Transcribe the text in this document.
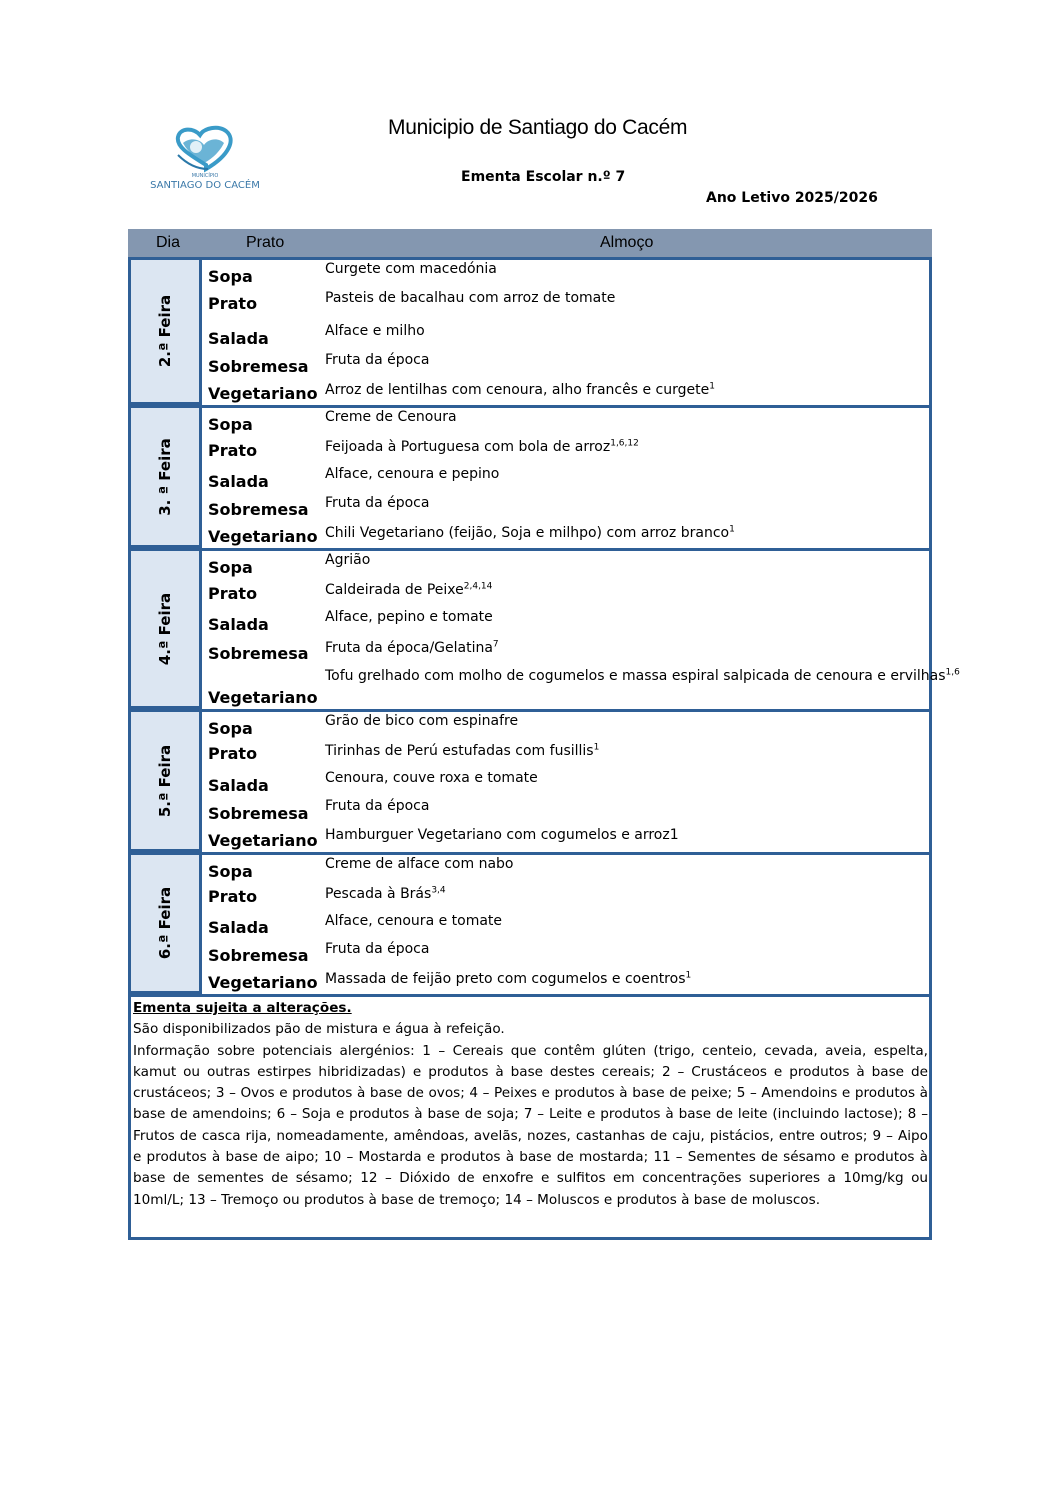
MUNICÍPIO
SANTIAGO DO CACÉM
Municipio de Santiago do Cacém
Ementa Escolar n.º 7
Ano Letivo 2025/2026
Dia	Prato	Almoço
2.ª Feira
Sopa	Curgete com macedónia
Prato	Pasteis de bacalhau com arroz de tomate
Salada	Alface e milho
Sobremesa Fruta da época
Vegetariano Arroz de lentilhas com cenoura, alho francês e curgete$^1$
3. ª Feira
Sopa	Creme de Cenoura
Prato	Feijoada à Portuguesa com bola de arroz$^{1,6,12}$
Salada	Alface, cenoura e pepino
Sobremesa Fruta da época
Vegetariano Chili Vegetariano (feijão, Soja e milhpo) com arroz branco$^1$
4.ª Feira
Sopa	Agrião
Prato	Caldeirada de Peixe$^{2,4,14}$
Salada	Alface, pepino e tomate
Sobremesa Fruta da época/Gelatina$^7$
Vegetariano
Tofu grelhado com molho de cogumelos e massa espiral salpicada de cenoura e ervilhas$^{1,6}$
5.ª Feira
Sopa	Grão de bico com espinafre
Prato	Tirinhas de Perú estufadas com fusillis$^1$
Salada	Cenoura, couve roxa e tomate
Sobremesa Fruta da época
Vegetariano Hamburguer Vegetariano com cogumelos e arroz1
6.ª Feira
Sopa	Creme de alface com nabo
Prato	Pescada à Brás$^{3,4}$
Salada	Alface, cenoura e tomate
Sobremesa Fruta da época
Vegetariano Massada de feijão preto com cogumelos e coentros$^1$
Ementa sujeita a alterações.
São disponibilizados pão de mistura e água à refeição.
Informação sobre potenciais alergénios: 1 – Cereais que contêm glúten (trigo, centeio, cevada, aveia, espelta, kamut ou outras estirpes hibridizadas) e produtos à base destes cereais; 2 – Crustáceos e produtos à base de crustáceos; 3 – Ovos e produtos à base de ovos; 4 – Peixes e produtos à base de peixe; 5 – Amendoins e produtos à base de amendoins; 6 – Soja e produtos à base de soja; 7 – Leite e produtos à base de leite (incluindo lactose); 8 – Frutos de casca rija, nomeadamente, amêndoas, avelãs, nozes, castanhas de caju, pistácios, entre outros; 9 – Aipo e produtos à base de aipo; 10 – Mostarda e produtos à base de mostarda; 11 – Sementes de sésamo e produtos à base de sementes de sésamo; 12 – Dióxido de enxofre e sulfitos em concentrações superiores a 10mg/kg ou 10ml/L; 13 – Tremoço ou produtos à base de tremoço; 14 – Moluscos e produtos à base de moluscos.
